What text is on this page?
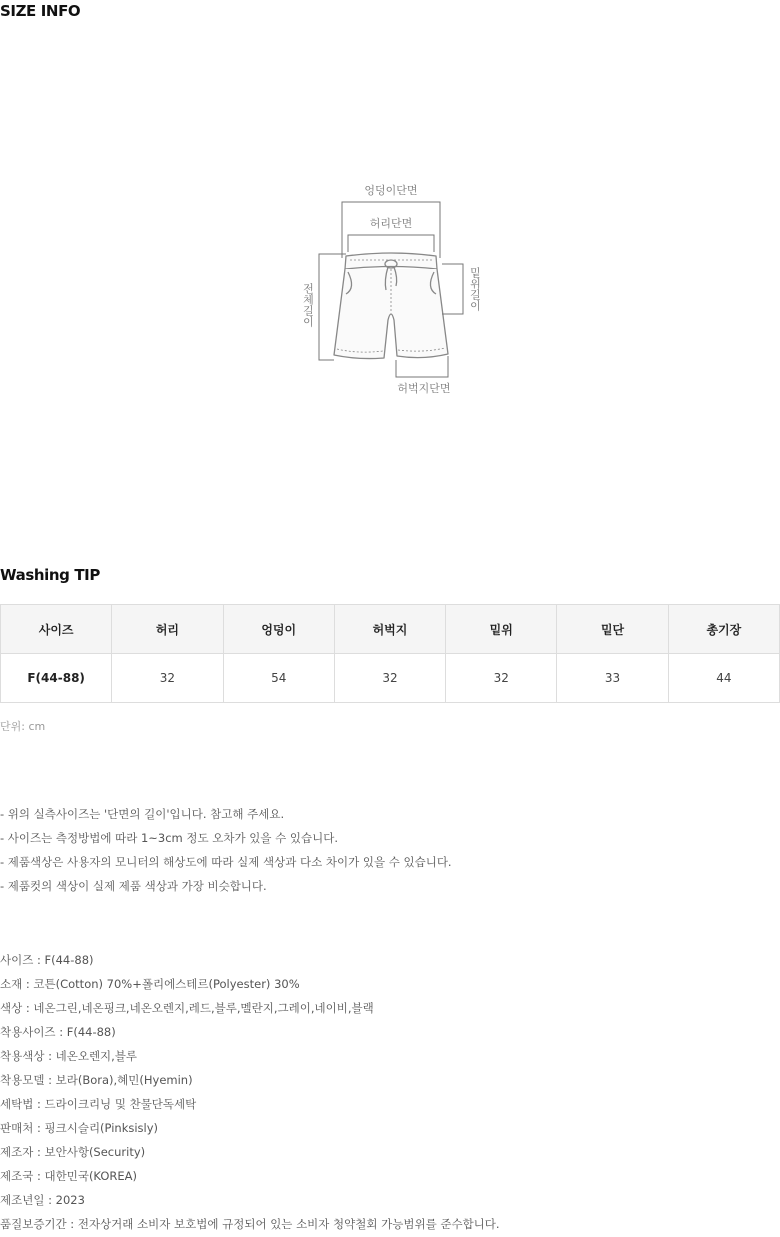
SIZE INFO
엉덩이단면
허리단면
전체길이	밑위길이
허벅지단면
Washing TIP
사이즈	허리	엉덩이	허벅지	밑위	밑단	총기장
F(44-88)	32	54	32	32	33	44
단위: cm
- 위의 실측사이즈는 '단면의 길이'입니다. 참고해 주세요.
- 사이즈는 측정방법에 따라 1~3cm 정도 오차가 있을 수 있습니다.
- 제품색상은 사용자의 모니터의 해상도에 따라 실제 색상과 다소 차이가 있을 수 있습니다.
- 제품컷의 색상이 실제 제품 색상과 가장 비슷합니다.
사이즈 : F(44-88)
소재 : 코튼(Cotton) 70%+폴리에스테르(Polyester) 30%
색상 : 네온그린,네온핑크,네온오렌지,레드,블루,멜란지,그레이,네이비,블랙
착용사이즈 : F(44-88)
착용색상 : 네온오렌지,블루
착용모델 : 보라(Bora),혜민(Hyemin)
세탁법 : 드라이크리닝 및 찬물단독세탁
판매처 : 핑크시슬리(Pinksisly)
제조자 : 보안사항(Security)
제조국 : 대한민국(KOREA)
제조년일 : 2023
품질보증기간 : 전자상거래 소비자 보호법에 규정되어 있는 소비자 청약철회 가능범위를 준수합니다.
